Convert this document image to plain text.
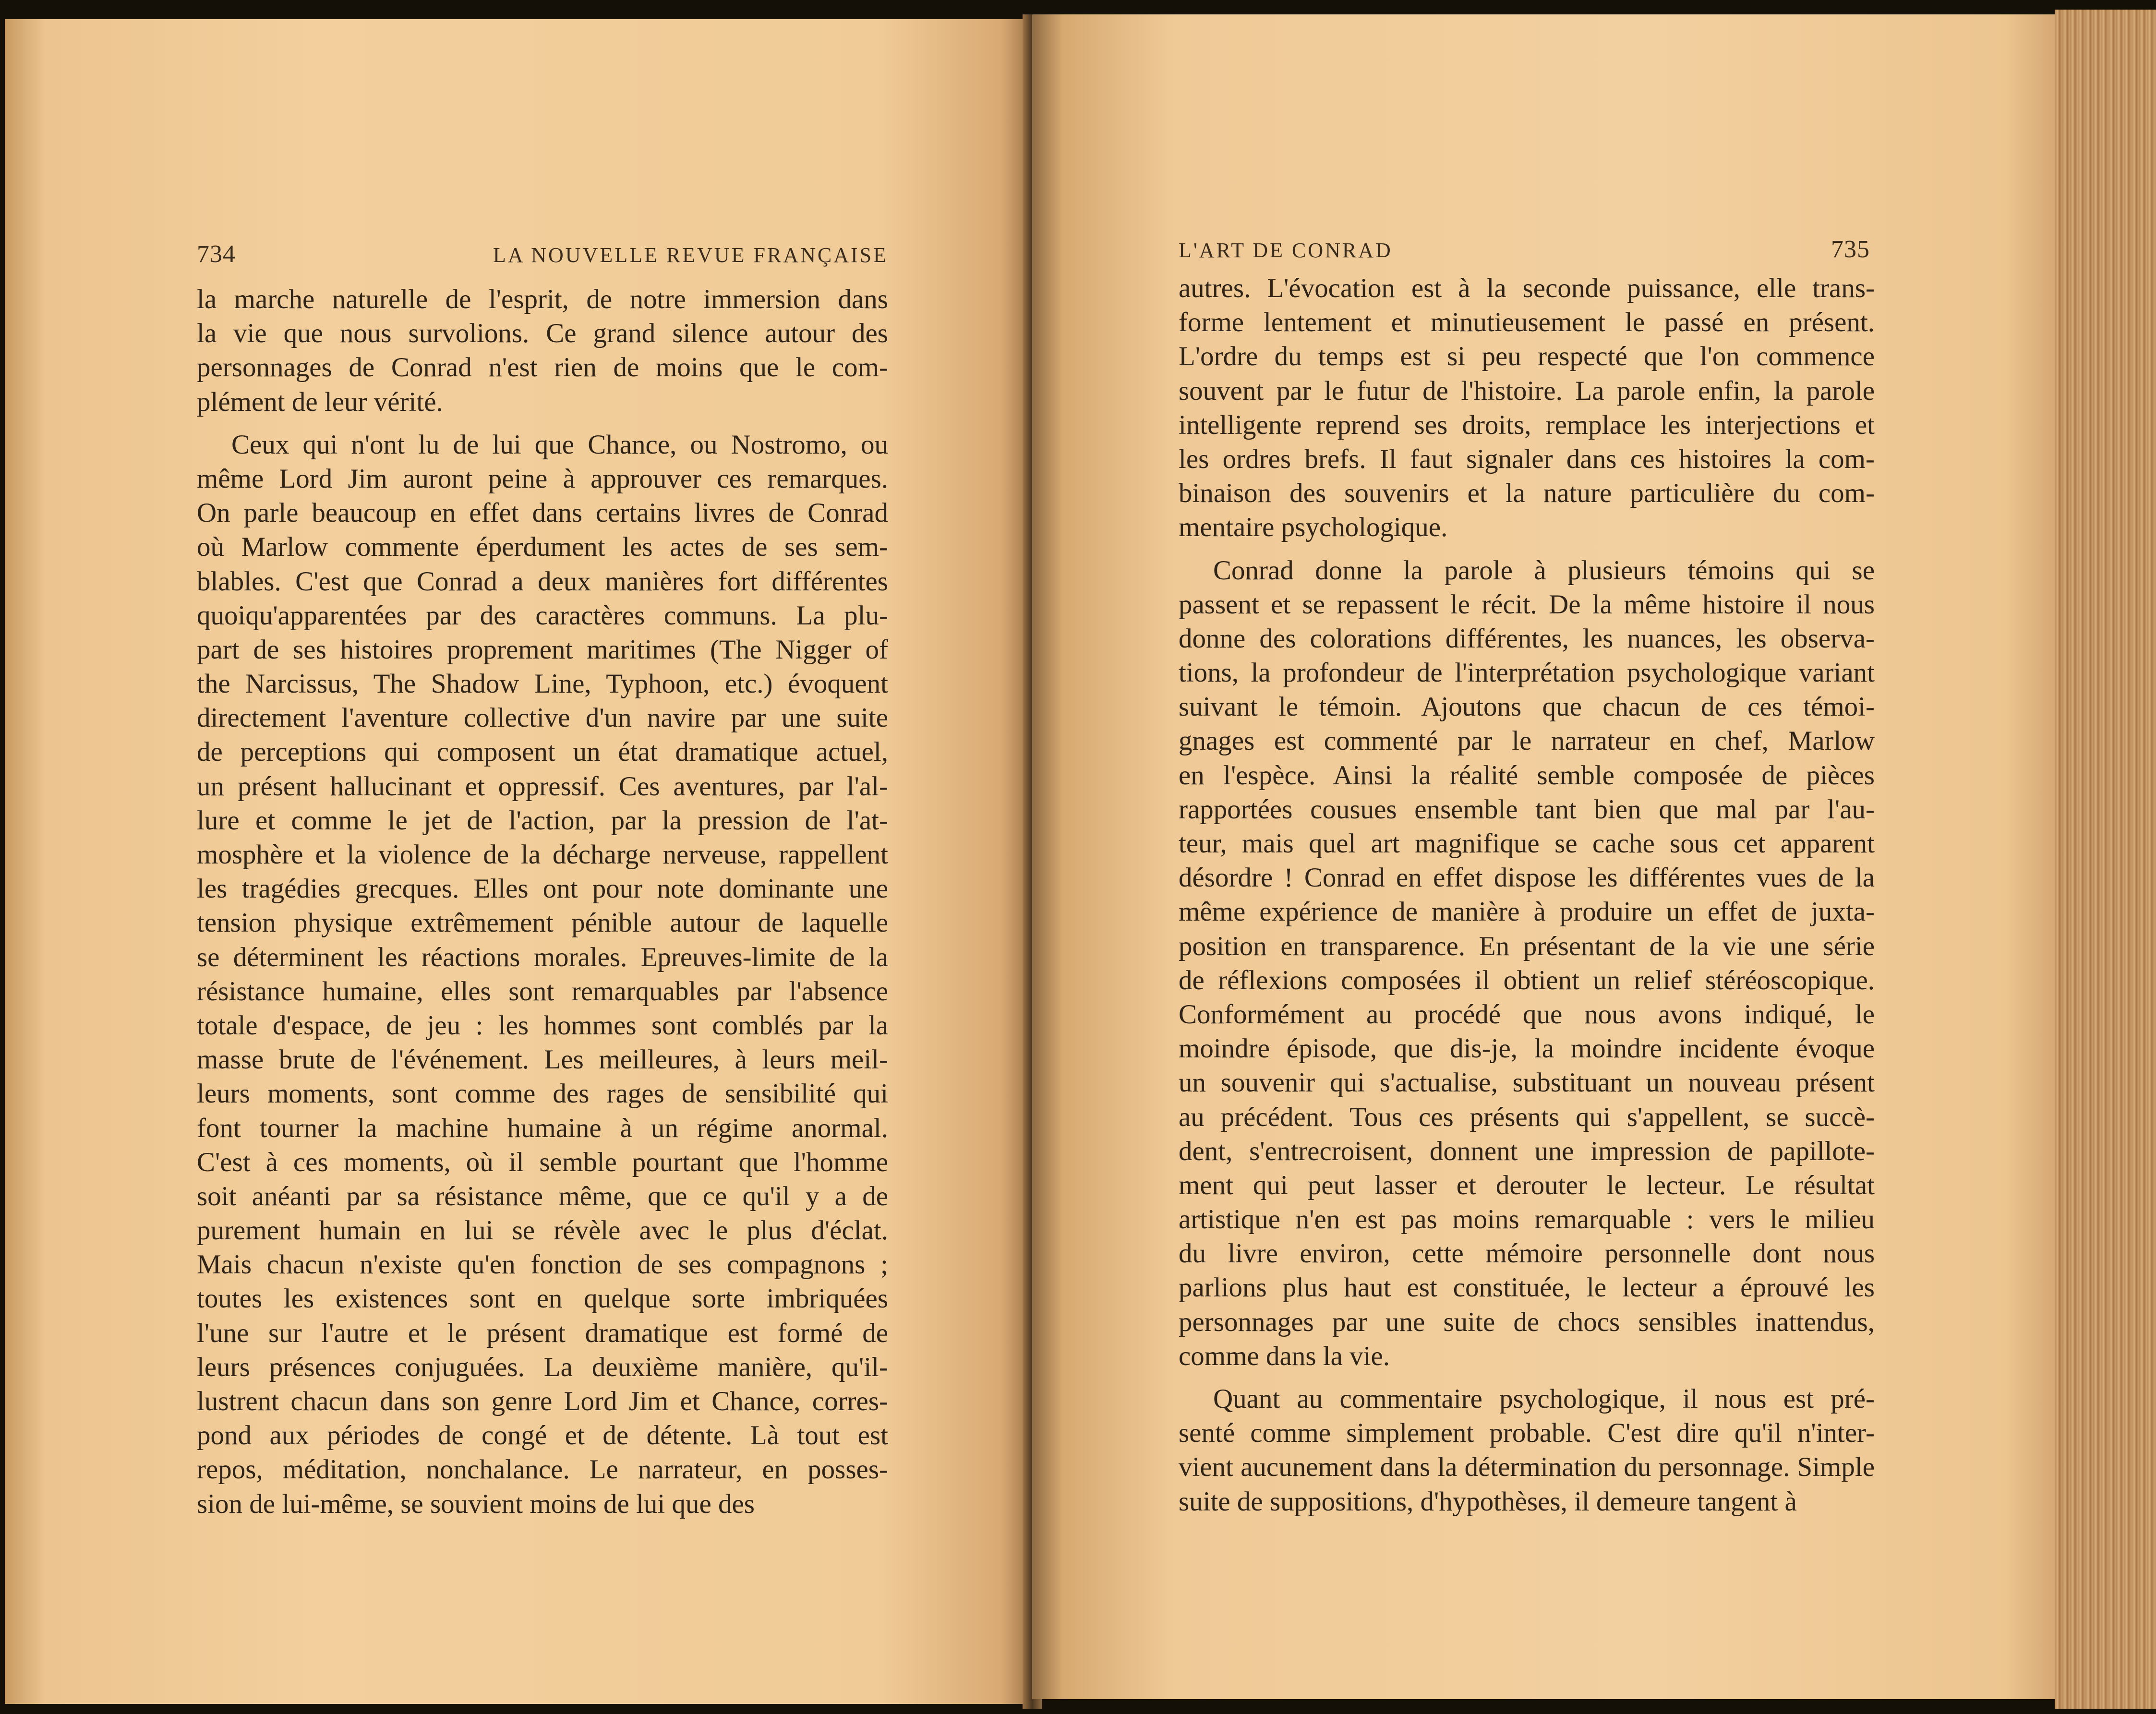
734	LA NOUVELLE REVUE FRANÇAISE
la marche naturelle de l'esprit, de notre immersion dans
la vie que nous survolions. Ce grand silence autour des
personnages de Conrad n'est rien de moins que le com-
plément de leur vérité.
Ceux qui n'ont lu de lui que Chance, ou Nostromo, ou
même Lord Jim auront peine à approuver ces remarques.
On parle beaucoup en effet dans certains livres de Conrad
où Marlow commente éperdument les actes de ses sem-
blables. C'est que Conrad a deux manières fort différentes
quoiqu'apparentées par des caractères communs. La plu-
part de ses histoires proprement maritimes (The Nigger of
the Narcissus, The Shadow Line, Typhoon, etc.) évoquent
directement l'aventure collective d'un navire par une suite
de perceptions qui composent un état dramatique actuel,
un présent hallucinant et oppressif. Ces aventures, par l'al-
lure et comme le jet de l'action, par la pression de l'at-
mosphère et la violence de la décharge nerveuse, rappellent
les tragédies grecques. Elles ont pour note dominante une
tension physique extrêmement pénible autour de laquelle
se déterminent les réactions morales. Epreuves-limite de la
résistance humaine, elles sont remarquables par l'absence
totale d'espace, de jeu : les hommes sont comblés par la
masse brute de l'événement. Les meilleures, à leurs meil-
leurs moments, sont comme des rages de sensibilité qui
font tourner la machine humaine à un régime anormal.
C'est à ces moments, où il semble pourtant que l'homme
soit anéanti par sa résistance même, que ce qu'il y a de
purement humain en lui se révèle avec le plus d'éclat.
Mais chacun n'existe qu'en fonction de ses compagnons ;
toutes les existences sont en quelque sorte imbriquées
l'une sur l'autre et le présent dramatique est formé de
leurs présences conjuguées. La deuxième manière, qu'il-
lustrent chacun dans son genre Lord Jim et Chance, corres-
pond aux périodes de congé et de détente. Là tout est
repos, méditation, nonchalance. Le narrateur, en posses-
sion de lui-même, se souvient moins de lui que des
L'ART DE CONRAD	735
autres. L'évocation est à la seconde puissance, elle trans-
forme lentement et minutieusement le passé en présent.
L'ordre du temps est si peu respecté que l'on commence
souvent par le futur de l'histoire. La parole enfin, la parole
intelligente reprend ses droits, remplace les interjections et
les ordres brefs. Il faut signaler dans ces histoires la com-
binaison des souvenirs et la nature particulière du com-
mentaire psychologique.
Conrad donne la parole à plusieurs témoins qui se
passent et se repassent le récit. De la même histoire il nous
donne des colorations différentes, les nuances, les observa-
tions, la profondeur de l'interprétation psychologique variant
suivant le témoin. Ajoutons que chacun de ces témoi-
gnages est commenté par le narrateur en chef, Marlow
en l'espèce. Ainsi la réalité semble composée de pièces
rapportées cousues ensemble tant bien que mal par l'au-
teur, mais quel art magnifique se cache sous cet apparent
désordre ! Conrad en effet dispose les différentes vues de la
même expérience de manière à produire un effet de juxta-
position en transparence. En présentant de la vie une série
de réflexions composées il obtient un relief stéréoscopique.
Conformément au procédé que nous avons indiqué, le
moindre épisode, que dis-je, la moindre incidente évoque
un souvenir qui s'actualise, substituant un nouveau présent
au précédent. Tous ces présents qui s'appellent, se succè-
dent, s'entrecroisent, donnent une impression de papillote-
ment qui peut lasser et derouter le lecteur. Le résultat
artistique n'en est pas moins remarquable : vers le milieu
du livre environ, cette mémoire personnelle dont nous
parlions plus haut est constituée, le lecteur a éprouvé les
personnages par une suite de chocs sensibles inattendus,
comme dans la vie.
Quant au commentaire psychologique, il nous est pré-
senté comme simplement probable. C'est dire qu'il n'inter-
vient aucunement dans la détermination du personnage. Simple
suite de suppositions, d'hypothèses, il demeure tangent à
